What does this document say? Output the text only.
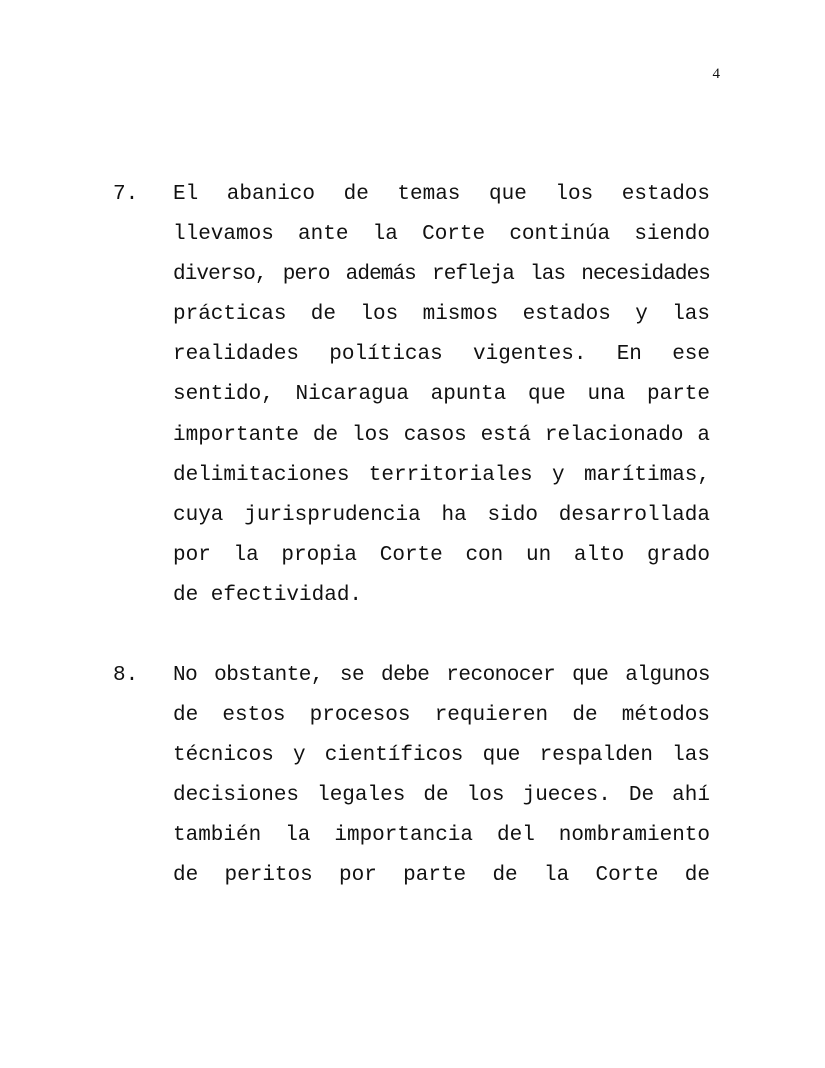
4
7. El abanico de temas que los estados
llevamos ante la Corte continúa siendo
diverso, pero además refleja las necesidades
prácticas de los mismos estados y las
realidades políticas vigentes. En ese
sentido, Nicaragua apunta que una parte
importante de los casos está relacionado a
delimitaciones territoriales y marítimas,
cuya jurisprudencia ha sido desarrollada
por la propia Corte con un alto grado
de efectividad.
8. No obstante, se debe reconocer que algunos
de estos procesos requieren de métodos
técnicos y científicos que respalden las
decisiones legales de los jueces. De ahí
también la importancia del nombramiento
de peritos por parte de la Corte de
